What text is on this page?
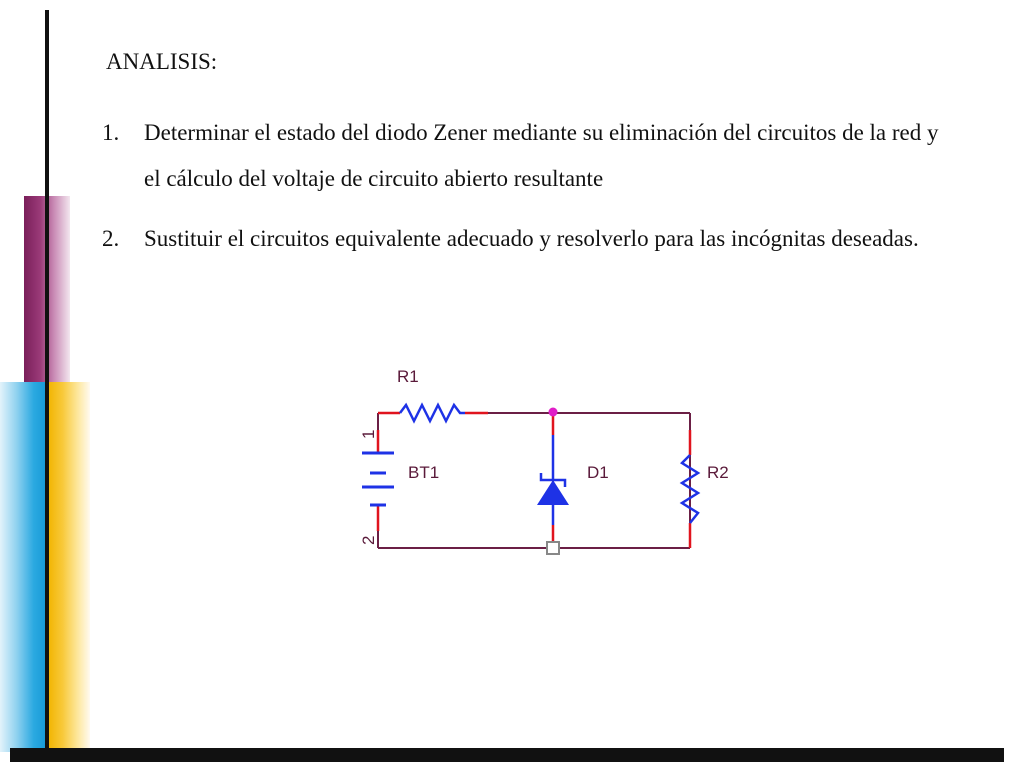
ANALISIS:
1.	Determinar el estado del diodo Zener mediante su eliminación del circuitos de la red y el cálculo del voltaje de circuito abierto resultante
2.	Sustituir el circuitos equivalente adecuado y resolverlo para las incógnitas deseadas.
R1
BT1	D1	R2
1
2
